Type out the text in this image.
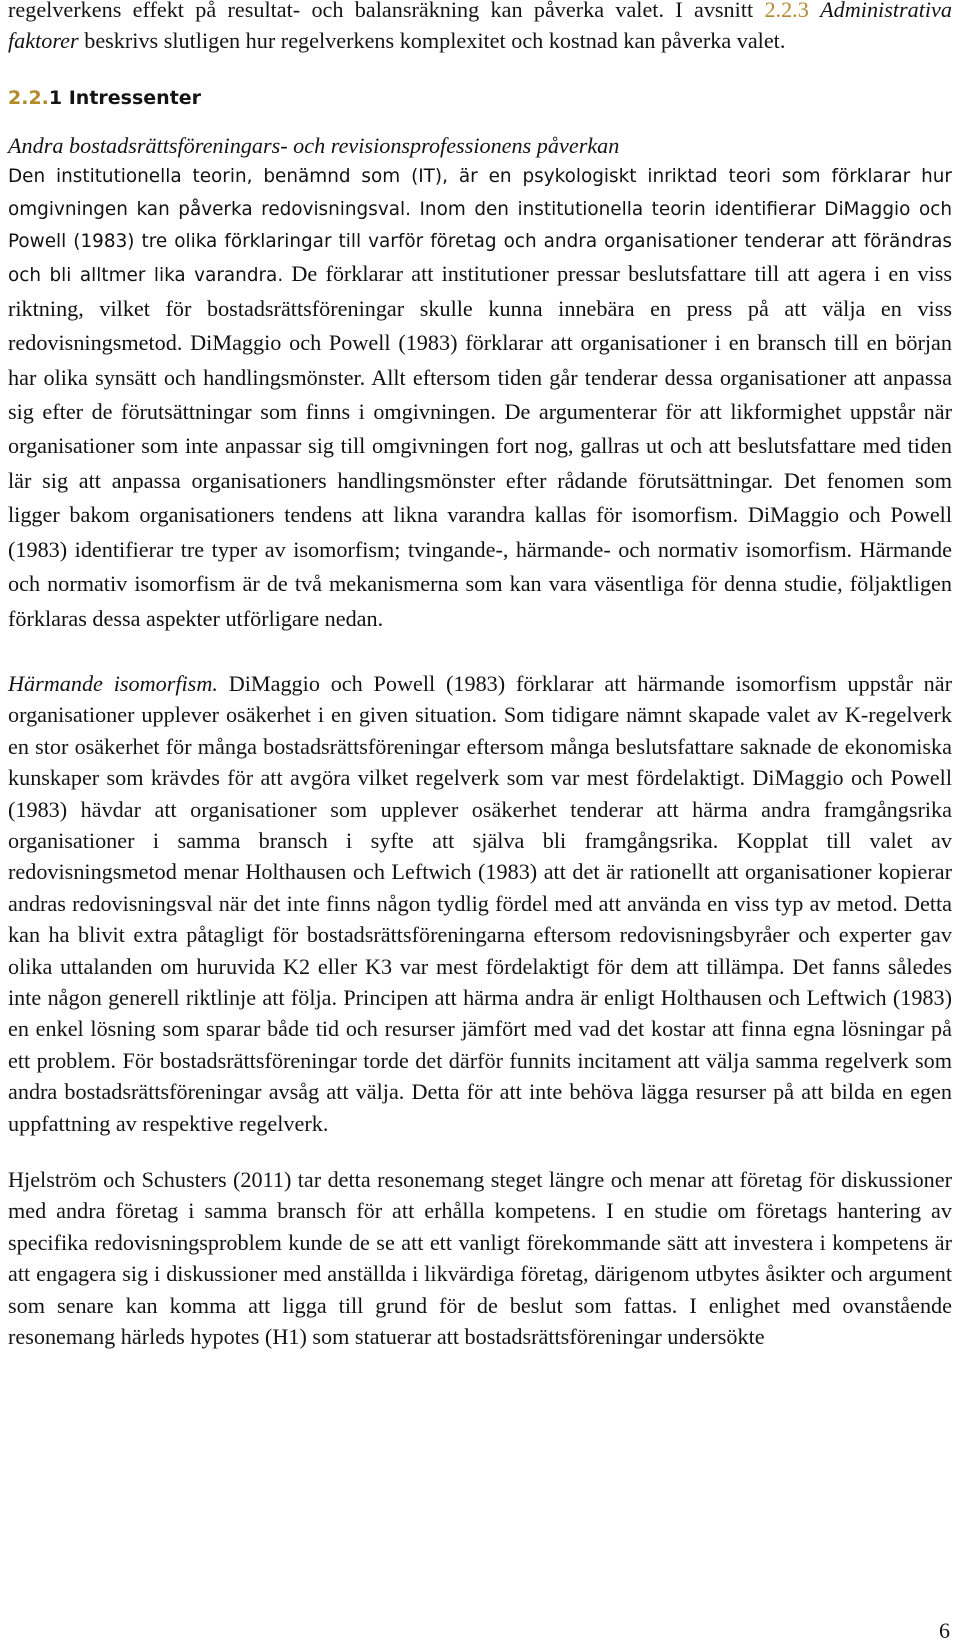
regelverkens effekt på resultat- och balansräkning kan påverka valet. I avsnitt 2.2.3 Administrativa faktorer beskrivs slutligen hur regelverkens komplexitet och kostnad kan påverka valet.

2.2.1 Intressenter

Andra bostadsrättsföreningars- och revisionsprofessionens påverkan

Den institutionella teorin, benämnd som (IT), är en psykologiskt inriktad teori som förklarar hur omgivningen kan påverka redovisningsval. Inom den institutionella teorin identifierar DiMaggio och Powell (1983) tre olika förklaringar till varför företag och andra organisationer tenderar att förändras och bli alltmer lika varandra. De förklarar att institutioner pressar beslutsfattare till att agera i en viss riktning, vilket för bostadsrättsföreningar skulle kunna innebära en press på att välja en viss redovisningsmetod. DiMaggio och Powell (1983) förklarar att organisationer i en bransch till en början har olika synsätt och handlingsmönster. Allt eftersom tiden går tenderar dessa organisationer att anpassa sig efter de förutsättningar som finns i omgivningen. De argumenterar för att likformighet uppstår när organisationer som inte anpassar sig till omgivningen fort nog, gallras ut och att beslutsfattare med tiden lär sig att anpassa organisationers handlingsmönster efter rådande förutsättningar. Det fenomen som ligger bakom organisationers tendens att likna varandra kallas för isomorfism. DiMaggio och Powell (1983) identifierar tre typer av isomorfism; tvingande-, härmande- och normativ isomorfism. Härmande och normativ isomorfism är de två mekanismerna som kan vara väsentliga för denna studie, följaktligen förklaras dessa aspekter utförligare nedan.

Härmande isomorfism. DiMaggio och Powell (1983) förklarar att härmande isomorfism uppstår när organisationer upplever osäkerhet i en given situation. Som tidigare nämnt skapade valet av K-regelverk en stor osäkerhet för många bostadsrättsföreningar eftersom många beslutsfattare saknade de ekonomiska kunskaper som krävdes för att avgöra vilket regelverk som var mest fördelaktigt. DiMaggio och Powell (1983) hävdar att organisationer som upplever osäkerhet tenderar att härma andra framgångsrika organisationer i samma bransch i syfte att själva bli framgångsrika. Kopplat till valet av redovisningsmetod menar Holthausen och Leftwich (1983) att det är rationellt att organisationer kopierar andras redovisningsval när det inte finns någon tydlig fördel med att använda en viss typ av metod. Detta kan ha blivit extra påtagligt för bostadsrättsföreningarna eftersom redovisningsbyråer och experter gav olika uttalanden om huruvida K2 eller K3 var mest fördelaktigt för dem att tillämpa. Det fanns således inte någon generell riktlinje att följa. Principen att härma andra är enligt Holthausen och Leftwich (1983) en enkel lösning som sparar både tid och resurser jämfört med vad det kostar att finna egna lösningar på ett problem. För bostadsrättsföreningar torde det därför funnits incitament att välja samma regelverk som andra bostadsrättsföreningar avsåg att välja. Detta för att inte behöva lägga resurser på att bilda en egen uppfattning av respektive regelverk.

Hjelström och Schusters (2011) tar detta resonemang steget längre och menar att företag för diskussioner med andra företag i samma bransch för att erhålla kompetens. I en studie om företags hantering av specifika redovisningsproblem kunde de se att ett vanligt förekommande sätt att investera i kompetens är att engagera sig i diskussioner med anställda i likvärdiga företag, därigenom utbytes åsikter och argument som senare kan komma att ligga till grund för de beslut som fattas. I enlighet med ovanstående resonemang härleds hypotes (H1) som statuerar att bostadsrättsföreningar undersökte

6
